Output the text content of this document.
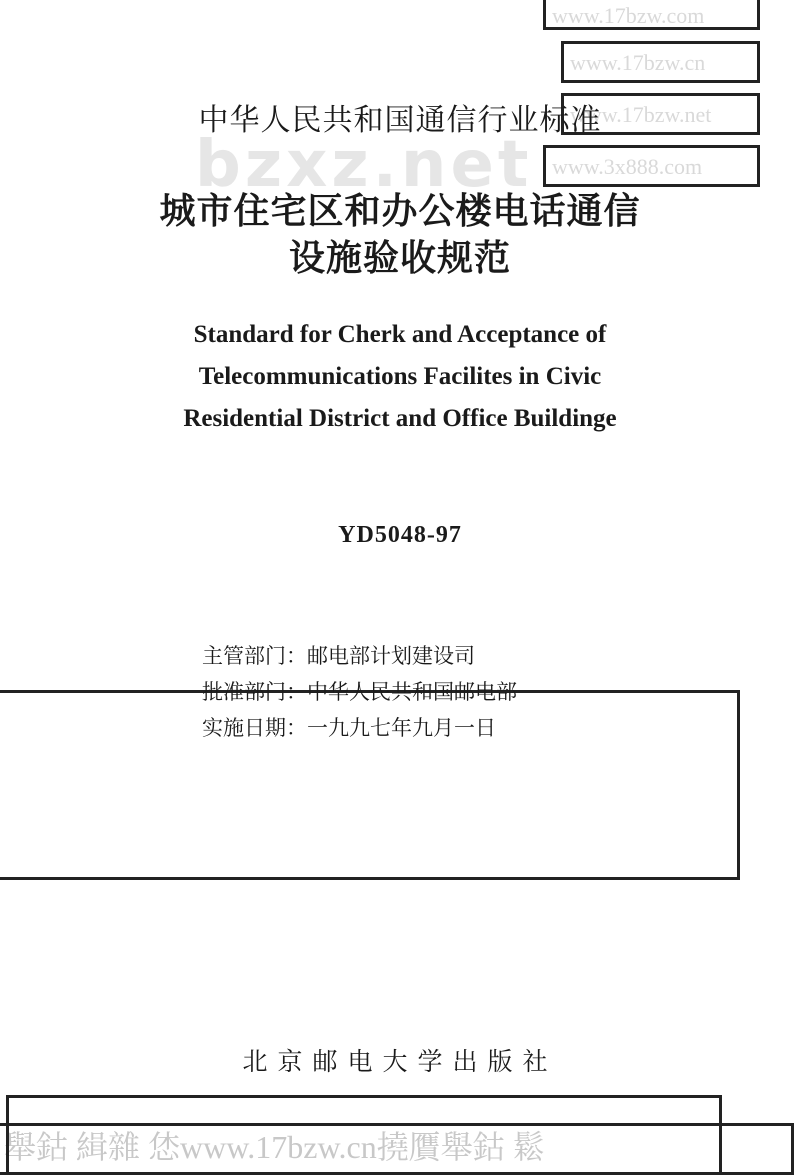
www.17bzw.com
www.17bzw.cn
www.17bzw.net
www.3x888.com
bzxz.net
中华人民共和国通信行业标准
城市住宅区和办公楼电话通信
设施验收规范
Standard for Cherk and Acceptance of
Telecommunications Facilites in Civic
Residential District and Office Buildinge
YD5048-97
主管部门：邮电部计划建设司
批准部门：中华人民共和国邮电部
实施日期：一九九七年九月一日
北京邮电大学出版社
舉鈷 緝雜 恷www.17bzw.cn撓贋舉鈷 鬆
